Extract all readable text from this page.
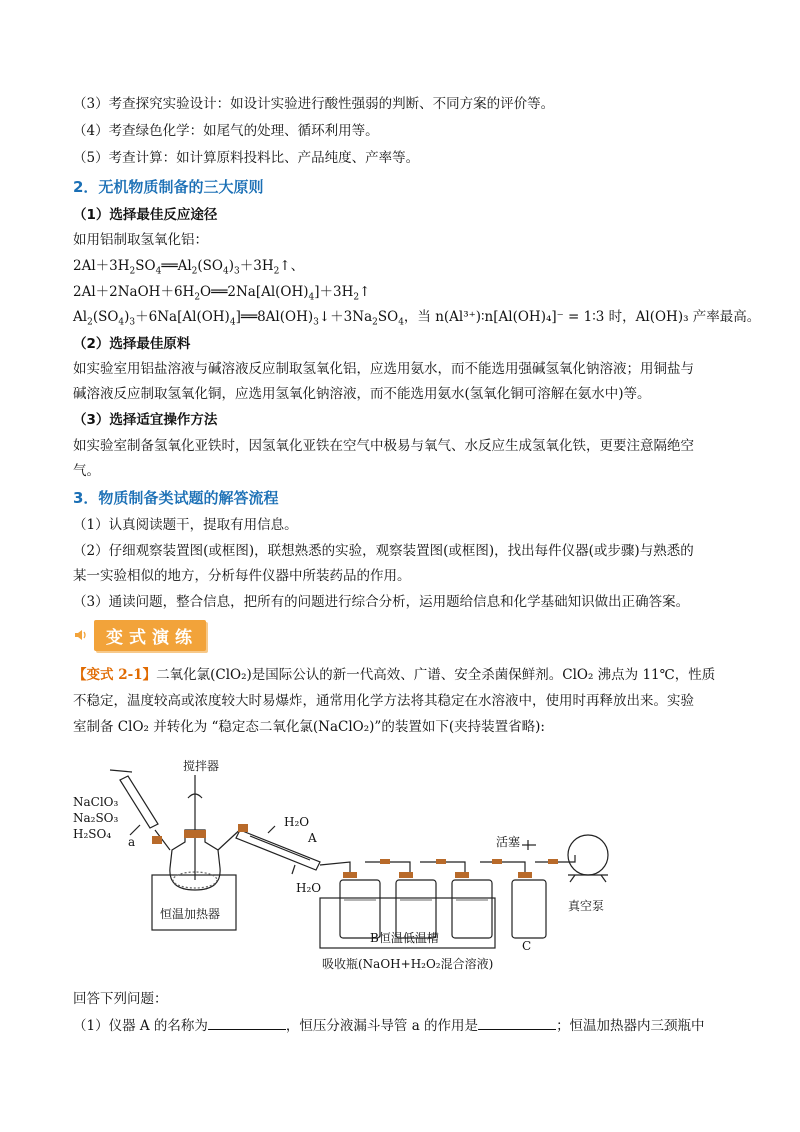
（3）考查探究实验设计：如设计实验进行酸性强弱的判断、不同方案的评价等。
（4）考查绿色化学：如尾气的处理、循环利用等。
（5）考查计算：如计算原料投料比、产品纯度、产率等。
2．无机物质制备的三大原则
（1）选择最佳反应途径
如用铝制取氢氧化铝：
$2Al+3H_2SO_4══Al_2(SO_4)_3+3H_2↑$、
$2Al+2NaOH+6H_2O══2Na[Al(OH)_4]+3H_2↑$
$Al_2(SO_4)_3+6Na[Al(OH)_4]══8Al(OH)_3↓+3Na_2SO_4$，当 n(Al³⁺)∶n[Al(OH)₄]⁻ = 1∶3 时，Al(OH)₃ 产率最高。
（2）选择最佳原料
如实验室用铝盐溶液与碱溶液反应制取氢氧化铝，应选用氨水，而不能选用强碱氢氧化钠溶液；用铜盐与
碱溶液反应制取氢氧化铜，应选用氢氧化钠溶液，而不能选用氨水(氢氧化铜可溶解在氨水中)等。
（3）选择适宜操作方法
如实验室制备氢氧化亚铁时，因氢氧化亚铁在空气中极易与氧气、水反应生成氢氧化铁，更要注意隔绝空
气。
3．物质制备类试题的解答流程
（1）认真阅读题干，提取有用信息。
（2）仔细观察装置图(或框图)，联想熟悉的实验，观察装置图(或框图)，找出每件仪器(或步骤)与熟悉的
某一实验相似的地方，分析每件仪器中所装药品的作用。
（3）通读问题，整合信息，把所有的问题进行综合分析，运用题给信息和化学基础知识做出正确答案。
变式演练
【变式 2-1】二氧化氯(ClO₂)是国际公认的新一代高效、广谱、安全杀菌保鲜剂。ClO₂ 沸点为 11℃，性质
不稳定，温度较高或浓度较大时易爆炸，通常用化学方法将其稳定在水溶液中，使用时再释放出来。实验
室制备 ClO₂ 并转化为 “稳定态二氧化氯(NaClO₂)”的装置如下(夹持装置省略):
搅拌器
NaClO₃
Na₂SO₃
H₂SO₄
a
恒温加热器
H₂O
A
H₂O
活塞
真空泵
B恒温低温槽
C
吸收瓶(NaOH+H₂O₂混合溶液)
回答下列问题：
（1）仪器 A 的名称为	，恒压分液漏斗导管 a 的作用是	；恒温加热器内三颈瓶中
